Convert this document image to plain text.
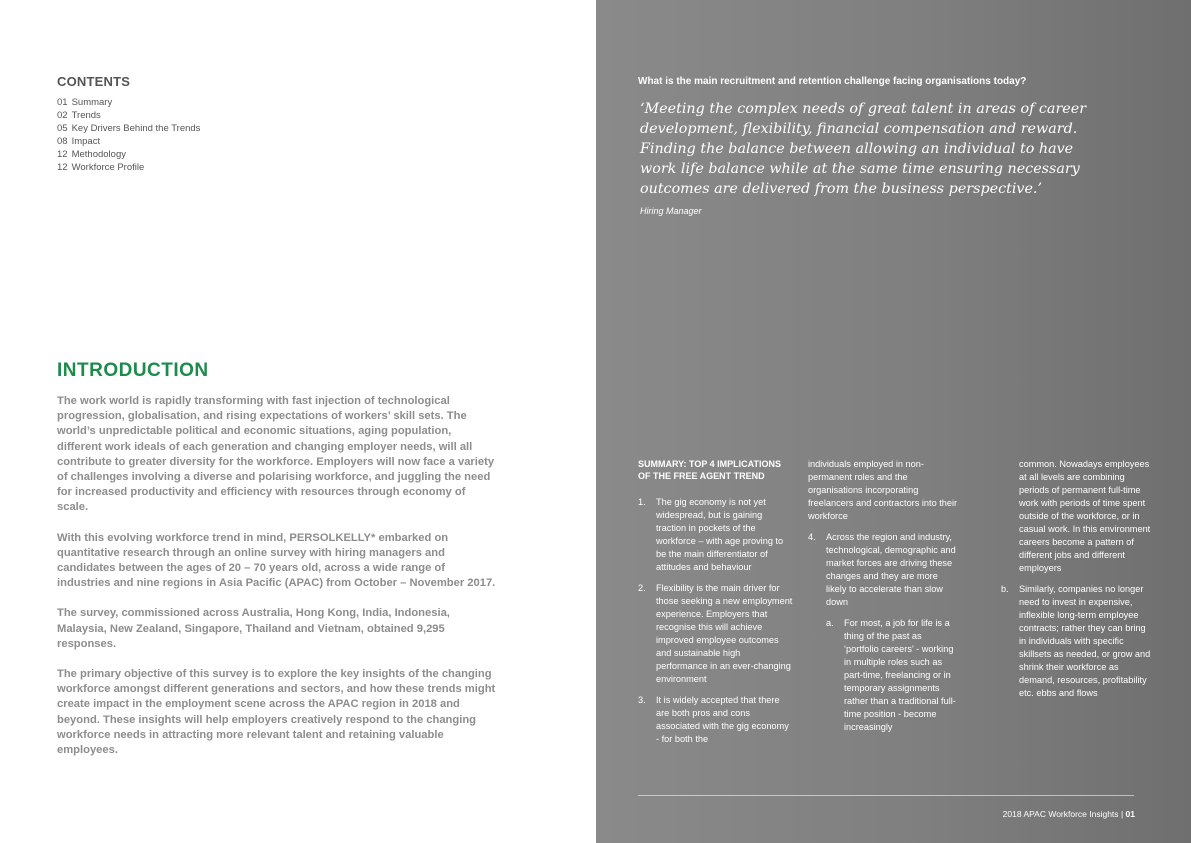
CONTENTS
01 Summary
02 Trends
05 Key Drivers Behind the Trends
08 Impact
12 Methodology
12 Workforce Profile
INTRODUCTION

The work world is rapidly transforming with fast injection of technological progression, globalisation, and rising expectations of workers’ skill sets. The world’s unpredictable political and economic situations, aging population, different work ideals of each generation and changing employer needs, will all contribute to greater diversity for the workforce. Employers will now face a variety of challenges involving a diverse and polarising workforce, and juggling the need for increased productivity and efficiency with resources through economy of scale.

With this evolving workforce trend in mind, PERSOLKELLY* embarked on quantitative research through an online survey with hiring managers and candidates between the ages of 20 – 70 years old, across a wide range of industries and nine regions in Asia Pacific (APAC) from October – November 2017.

The survey, commissioned across Australia, Hong Kong, India, Indonesia, Malaysia, New Zealand, Singapore, Thailand and Vietnam, obtained 9,295 responses.

The primary objective of this survey is to explore the key insights of the changing workforce amongst different generations and sectors, and how these trends might create impact in the employment scene across the APAC region in 2018 and beyond. These insights will help employers creatively respond to the changing workforce needs in attracting more relevant talent and retaining valuable employees.

What is the main recruitment and retention challenge facing organisations today?

‘Meeting the complex needs of great talent in areas of career development, flexibility, financial compensation and reward. Finding the balance between allowing an individual to have work life balance while at the same time ensuring necessary outcomes are delivered from the business perspective.’

Hiring Manager

SUMMARY: TOP 4 IMPLICATIONS OF THE FREE AGENT TREND

1.	The gig economy is not yet widespread, but is gaining traction in pockets of the workforce – with age proving to be the main differentiator of attitudes and behaviour
2.	Flexibility is the main driver for those seeking a new employment experience. Employers that recognise this will achieve improved employee outcomes and sustainable high performance in an ever-changing environment
3.	It is widely accepted that there are both pros and cons associated with the gig economy - for both the

individuals employed in non-permanent roles and the organisations incorporating freelancers and contractors into their workforce

4.	Across the region and industry, technological, demographic and market forces are driving these changes and they are more likely to accelerate than slow down
a.	For most, a job for life is a thing of the past as ‘portfolio careers’ - working in multiple roles such as part-time, freelancing or in temporary assignments rather than a traditional full-time position - become increasingly

common. Nowadays employees at all levels are combining periods of permanent full-time work with periods of time spent outside of the workforce, or in casual work. In this environment careers become a pattern of different jobs and different employers

b.	Similarly, companies no longer need to invest in expensive, inflexible long-term employee contracts; rather they can bring in individuals with specific skillsets as needed, or grow and shrink their workforce as demand, resources, profitability etc. ebbs and flows
2018 APAC Workforce Insights | 01
